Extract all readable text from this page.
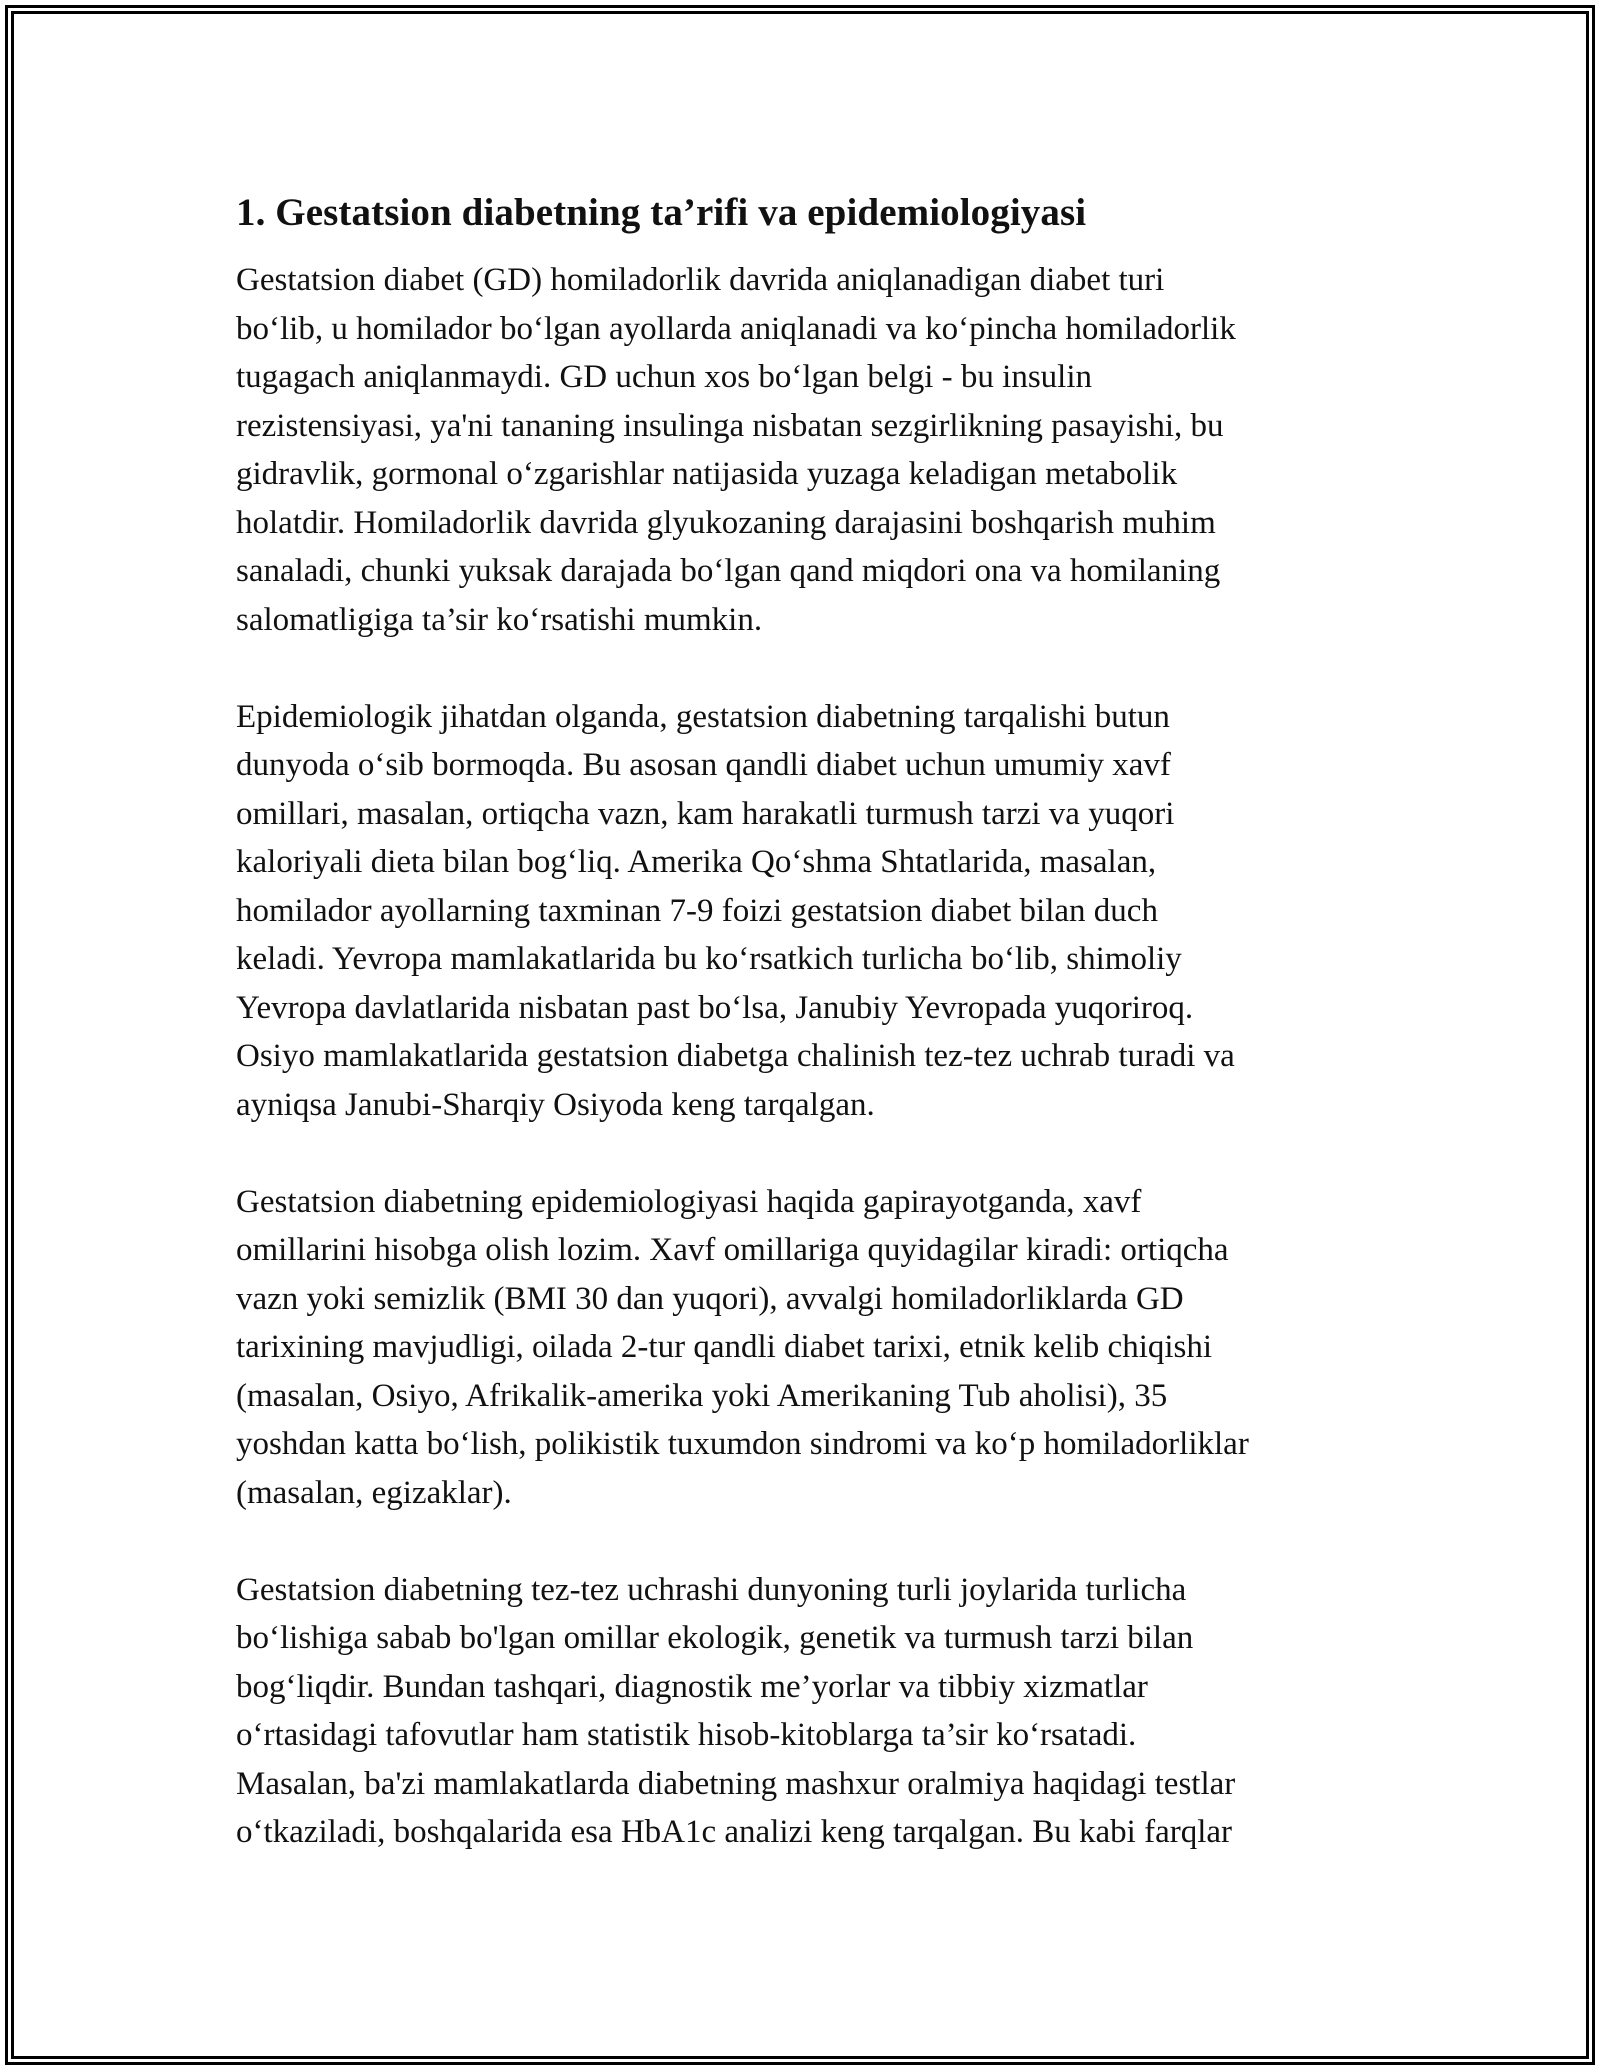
1. Gestatsion diabetning ta’rifi va epidemiologiyasi

Gestatsion diabet (GD) homiladorlik davrida aniqlanadigan diabet turi
bo‘lib, u homilador bo‘lgan ayollarda aniqlanadi va ko‘pincha homiladorlik
tugagach aniqlanmaydi. GD uchun xos bo‘lgan belgi - bu insulin
rezistensiyasi, ya'ni tananing insulinga nisbatan sezgirlikning pasayishi, bu
gidravlik, gormonal o‘zgarishlar natijasida yuzaga keladigan metabolik
holatdir. Homiladorlik davrida glyukozaning darajasini boshqarish muhim
sanaladi, chunki yuksak darajada bo‘lgan qand miqdori ona va homilaning
salomatligiga ta’sir ko‘rsatishi mumkin.

Epidemiologik jihatdan olganda, gestatsion diabetning tarqalishi butun
dunyoda o‘sib bormoqda. Bu asosan qandli diabet uchun umumiy xavf
omillari, masalan, ortiqcha vazn, kam harakatli turmush tarzi va yuqori
kaloriyali dieta bilan bog‘liq. Amerika Qo‘shma Shtatlarida, masalan,
homilador ayollarning taxminan 7-9 foizi gestatsion diabet bilan duch
keladi. Yevropa mamlakatlarida bu ko‘rsatkich turlicha bo‘lib, shimoliy
Yevropa davlatlarida nisbatan past bo‘lsa, Janubiy Yevropada yuqoriroq.
Osiyo mamlakatlarida gestatsion diabetga chalinish tez-tez uchrab turadi va
ayniqsa Janubi-Sharqiy Osiyoda keng tarqalgan.

Gestatsion diabetning epidemiologiyasi haqida gapirayotganda, xavf
omillarini hisobga olish lozim. Xavf omillariga quyidagilar kiradi: ortiqcha
vazn yoki semizlik (BMI 30 dan yuqori), avvalgi homiladorliklarda GD
tarixining mavjudligi, oilada 2-tur qandli diabet tarixi, etnik kelib chiqishi
(masalan, Osiyo, Afrikalik-amerika yoki Amerikaning Tub aholisi), 35
yoshdan katta bo‘lish, polikistik tuxumdon sindromi va ko‘p homiladorliklar
(masalan, egizaklar).

Gestatsion diabetning tez-tez uchrashi dunyoning turli joylarida turlicha
bo‘lishiga sabab bo'lgan omillar ekologik, genetik va turmush tarzi bilan
bog‘liqdir. Bundan tashqari, diagnostik me’yorlar va tibbiy xizmatlar
o‘rtasidagi tafovutlar ham statistik hisob-kitoblarga ta’sir ko‘rsatadi.
Masalan, ba'zi mamlakatlarda diabetning mashxur oralmiya haqidagi testlar
o‘tkaziladi, boshqalarida esa HbA1c analizi keng tarqalgan. Bu kabi farqlar
